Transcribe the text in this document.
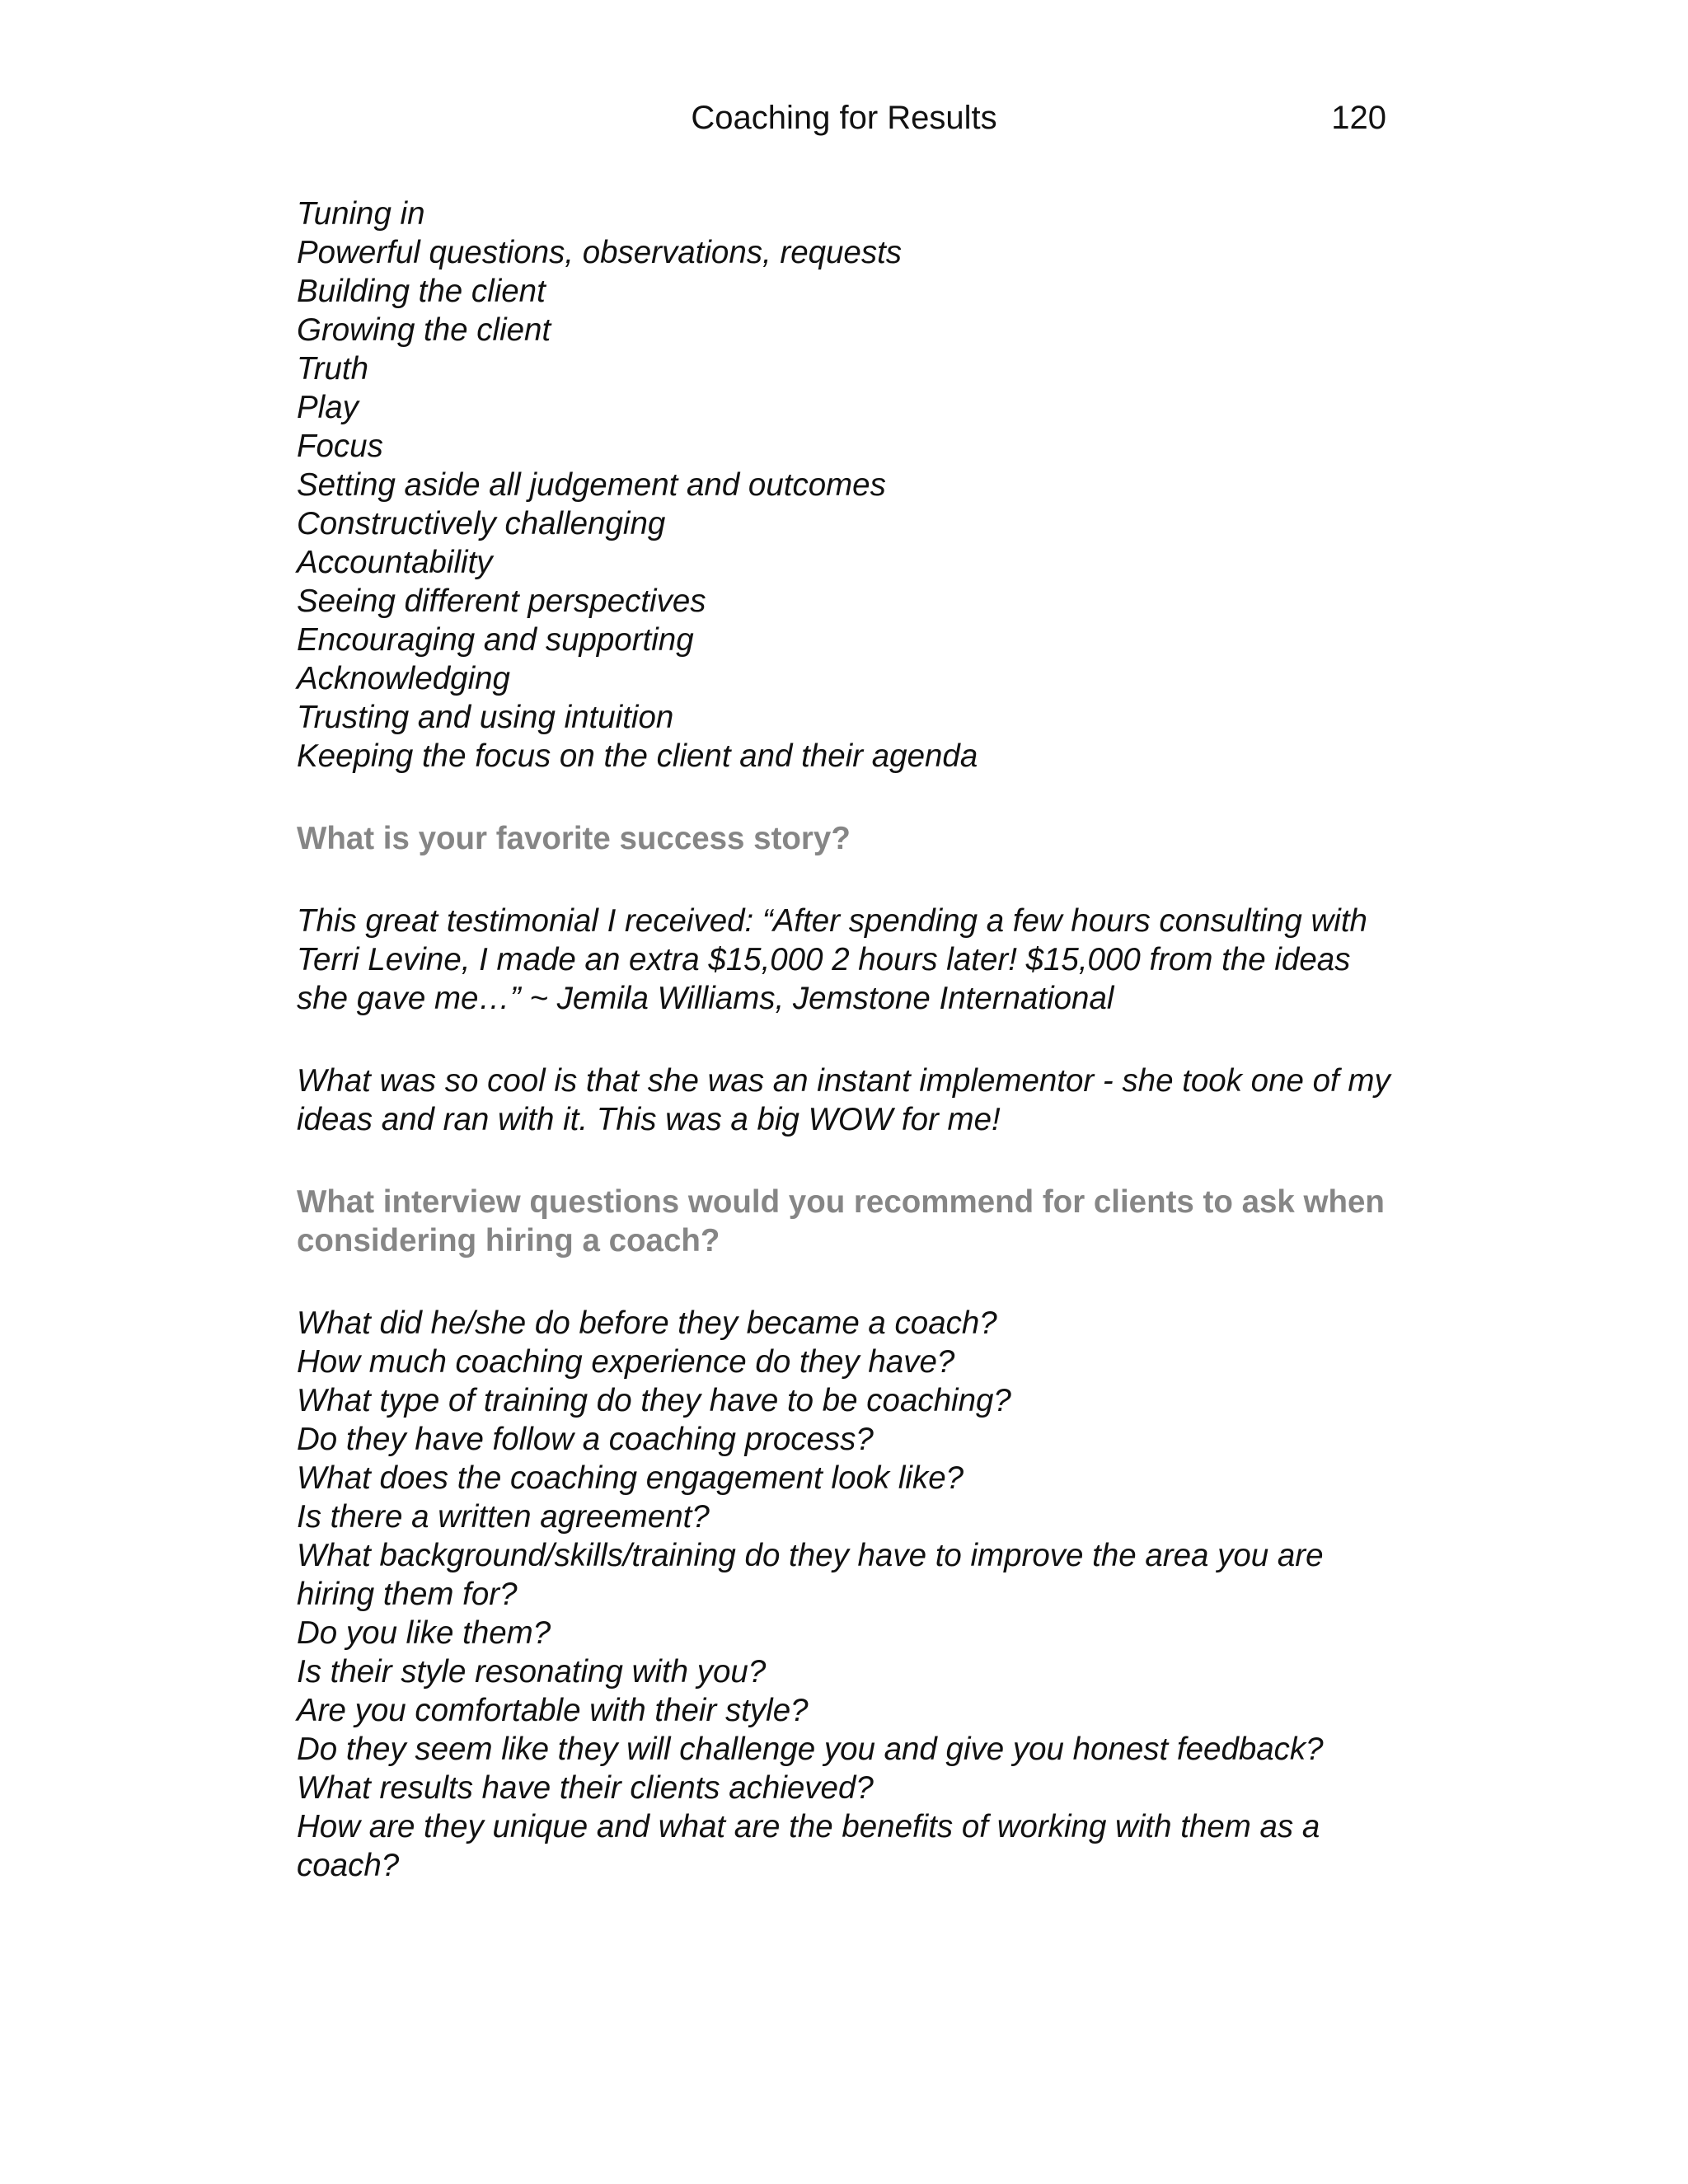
Coaching for Results	120
Tuning in
Powerful questions, observations, requests
Building the client
Growing the client
Truth
Play
Focus
Setting aside all judgement and outcomes
Constructively challenging
Accountability
Seeing different perspectives
Encouraging and supporting
Acknowledging
Trusting and using intuition
Keeping the focus on the client and their agenda
What is your favorite success story?
This great testimonial I received: “After spending a few hours consulting with Terri Levine, I made an extra $15,000 2 hours later! $15,000 from the ideas she gave me…” ~ Jemila Williams, Jemstone International
What was so cool is that she was an instant implementor - she took one of my ideas and ran with it. This was a big WOW for me!
What interview questions would you recommend for clients to ask when considering hiring a coach?
What did he/she do before they became a coach?
How much coaching experience do they have?
What type of training do they have to be coaching?
Do they have follow a coaching process?
What does the coaching engagement look like?
Is there a written agreement?
What background/skills/training do they have to improve the area you are hiring them for?
Do you like them?
Is their style resonating with you?
Are you comfortable with their style?
Do they seem like they will challenge you and give you honest feedback?
What results have their clients achieved?
How are they unique and what are the benefits of working with them as a coach?
